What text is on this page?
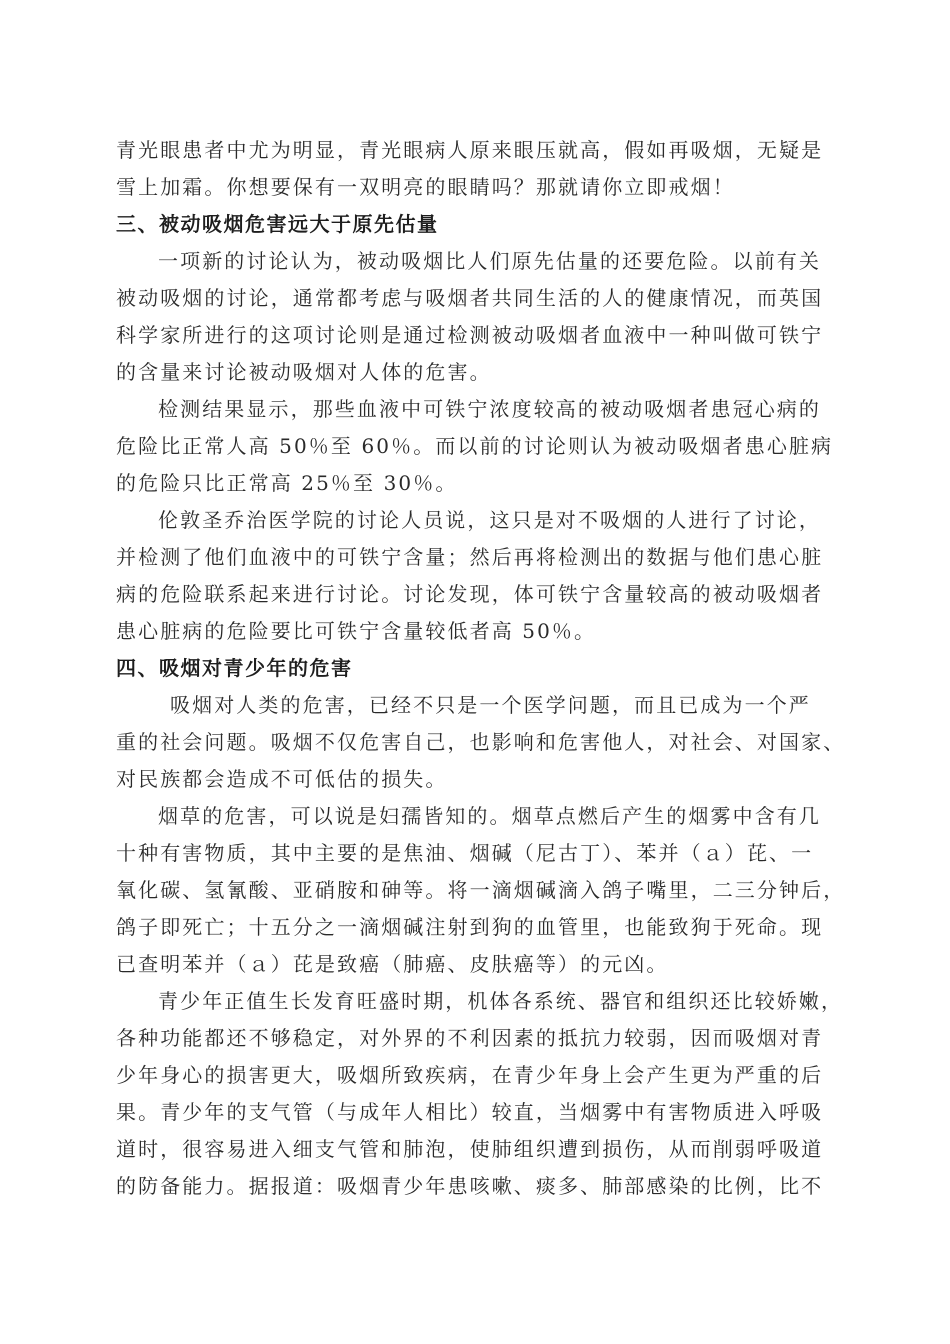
青光眼患者中尤为明显，青光眼病人原来眼压就高，假如再吸烟，无疑是
雪上加霜。你想要保有一双明亮的眼睛吗？那就请你立即戒烟！
三、被动吸烟危害远大于原先估量
一项新的讨论认为，被动吸烟比人们原先估量的还要危险。以前有关
被动吸烟的讨论，通常都考虑与吸烟者共同生活的人的健康情况，而英国
科学家所进行的这项讨论则是通过检测被动吸烟者血液中一种叫做可铁宁
的含量来讨论被动吸烟对人体的危害。
检测结果显示，那些血液中可铁宁浓度较高的被动吸烟者患冠心病的
危险比正常人高 50％至 60％。而以前的讨论则认为被动吸烟者患心脏病
的危险只比正常高 25％至 30％。
伦敦圣乔治医学院的讨论人员说，这只是对不吸烟的人进行了讨论，
并检测了他们血液中的可铁宁含量；然后再将检测出的数据与他们患心脏
病的危险联系起来进行讨论。讨论发现，体可铁宁含量较高的被动吸烟者
患心脏病的危险要比可铁宁含量较低者高 50％。
四、吸烟对青少年的危害
吸烟对人类的危害，已经不只是一个医学问题，而且已成为一个严
重的社会问题。吸烟不仅危害自己，也影响和危害他人，对社会、对国家、
对民族都会造成不可低估的损失。
烟草的危害，可以说是妇孺皆知的。烟草点燃后产生的烟雾中含有几
十种有害物质，其中主要的是焦油、烟碱（尼古丁）、苯并（ａ）芘、一
氧化碳、氢氰酸、亚硝胺和砷等。将一滴烟碱滴入鸽子嘴里，二三分钟后，
鸽子即死亡；十五分之一滴烟碱注射到狗的血管里，也能致狗于死命。现
已查明苯并（ａ）芘是致癌（肺癌、皮肤癌等）的元凶。
青少年正值生长发育旺盛时期，机体各系统、器官和组织还比较娇嫩，
各种功能都还不够稳定，对外界的不利因素的抵抗力较弱，因而吸烟对青
少年身心的损害更大，吸烟所致疾病，在青少年身上会产生更为严重的后
果。青少年的支气管（与成年人相比）较直，当烟雾中有害物质进入呼吸
道时，很容易进入细支气管和肺泡，使肺组织遭到损伤，从而削弱呼吸道
的防备能力。据报道：吸烟青少年患咳嗽、痰多、肺部感染的比例，比不
